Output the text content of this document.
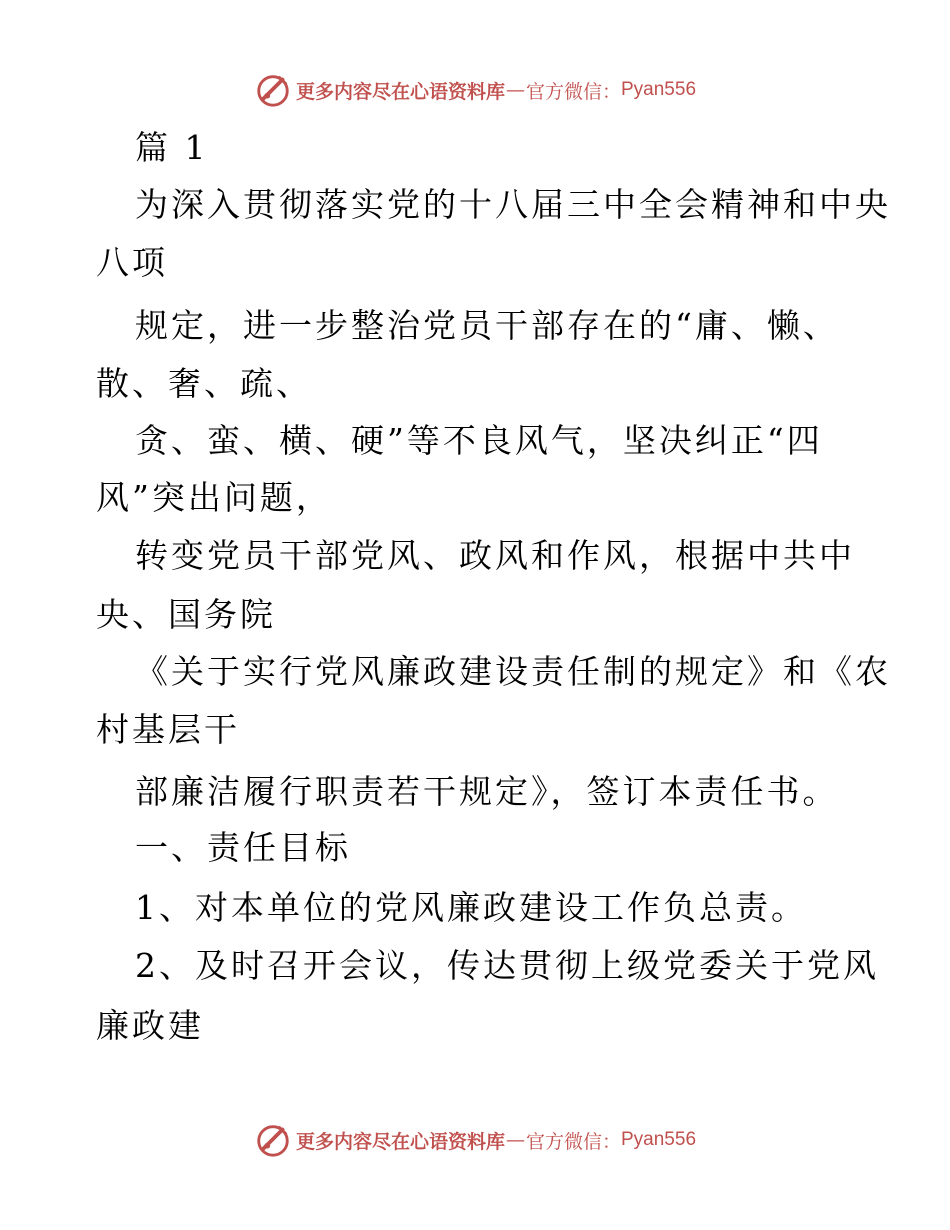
更多内容尽在心语资料库 — 官方微信： Pyan556
篇 1
为深入贯彻落实党的十八届三中全会精神和中央
八项
规定，进一步整治党员干部存在的“庸、懒、
散、奢、疏、
贪、蛮、横、硬”等不良风气，坚决纠正“四
风”突出问题，
转变党员干部党风、政风和作风，根据中共中
央、国务院
《关于实行党风廉政建设责任制的规定》和《农
村基层干
部廉洁履行职责若干规定》，签订本责任书。
一、责任目标
1、对本单位的党风廉政建设工作负总责。
2、及时召开会议，传达贯彻上级党委关于党风
廉政建
更多内容尽在心语资料库 — 官方微信： Pyan556
